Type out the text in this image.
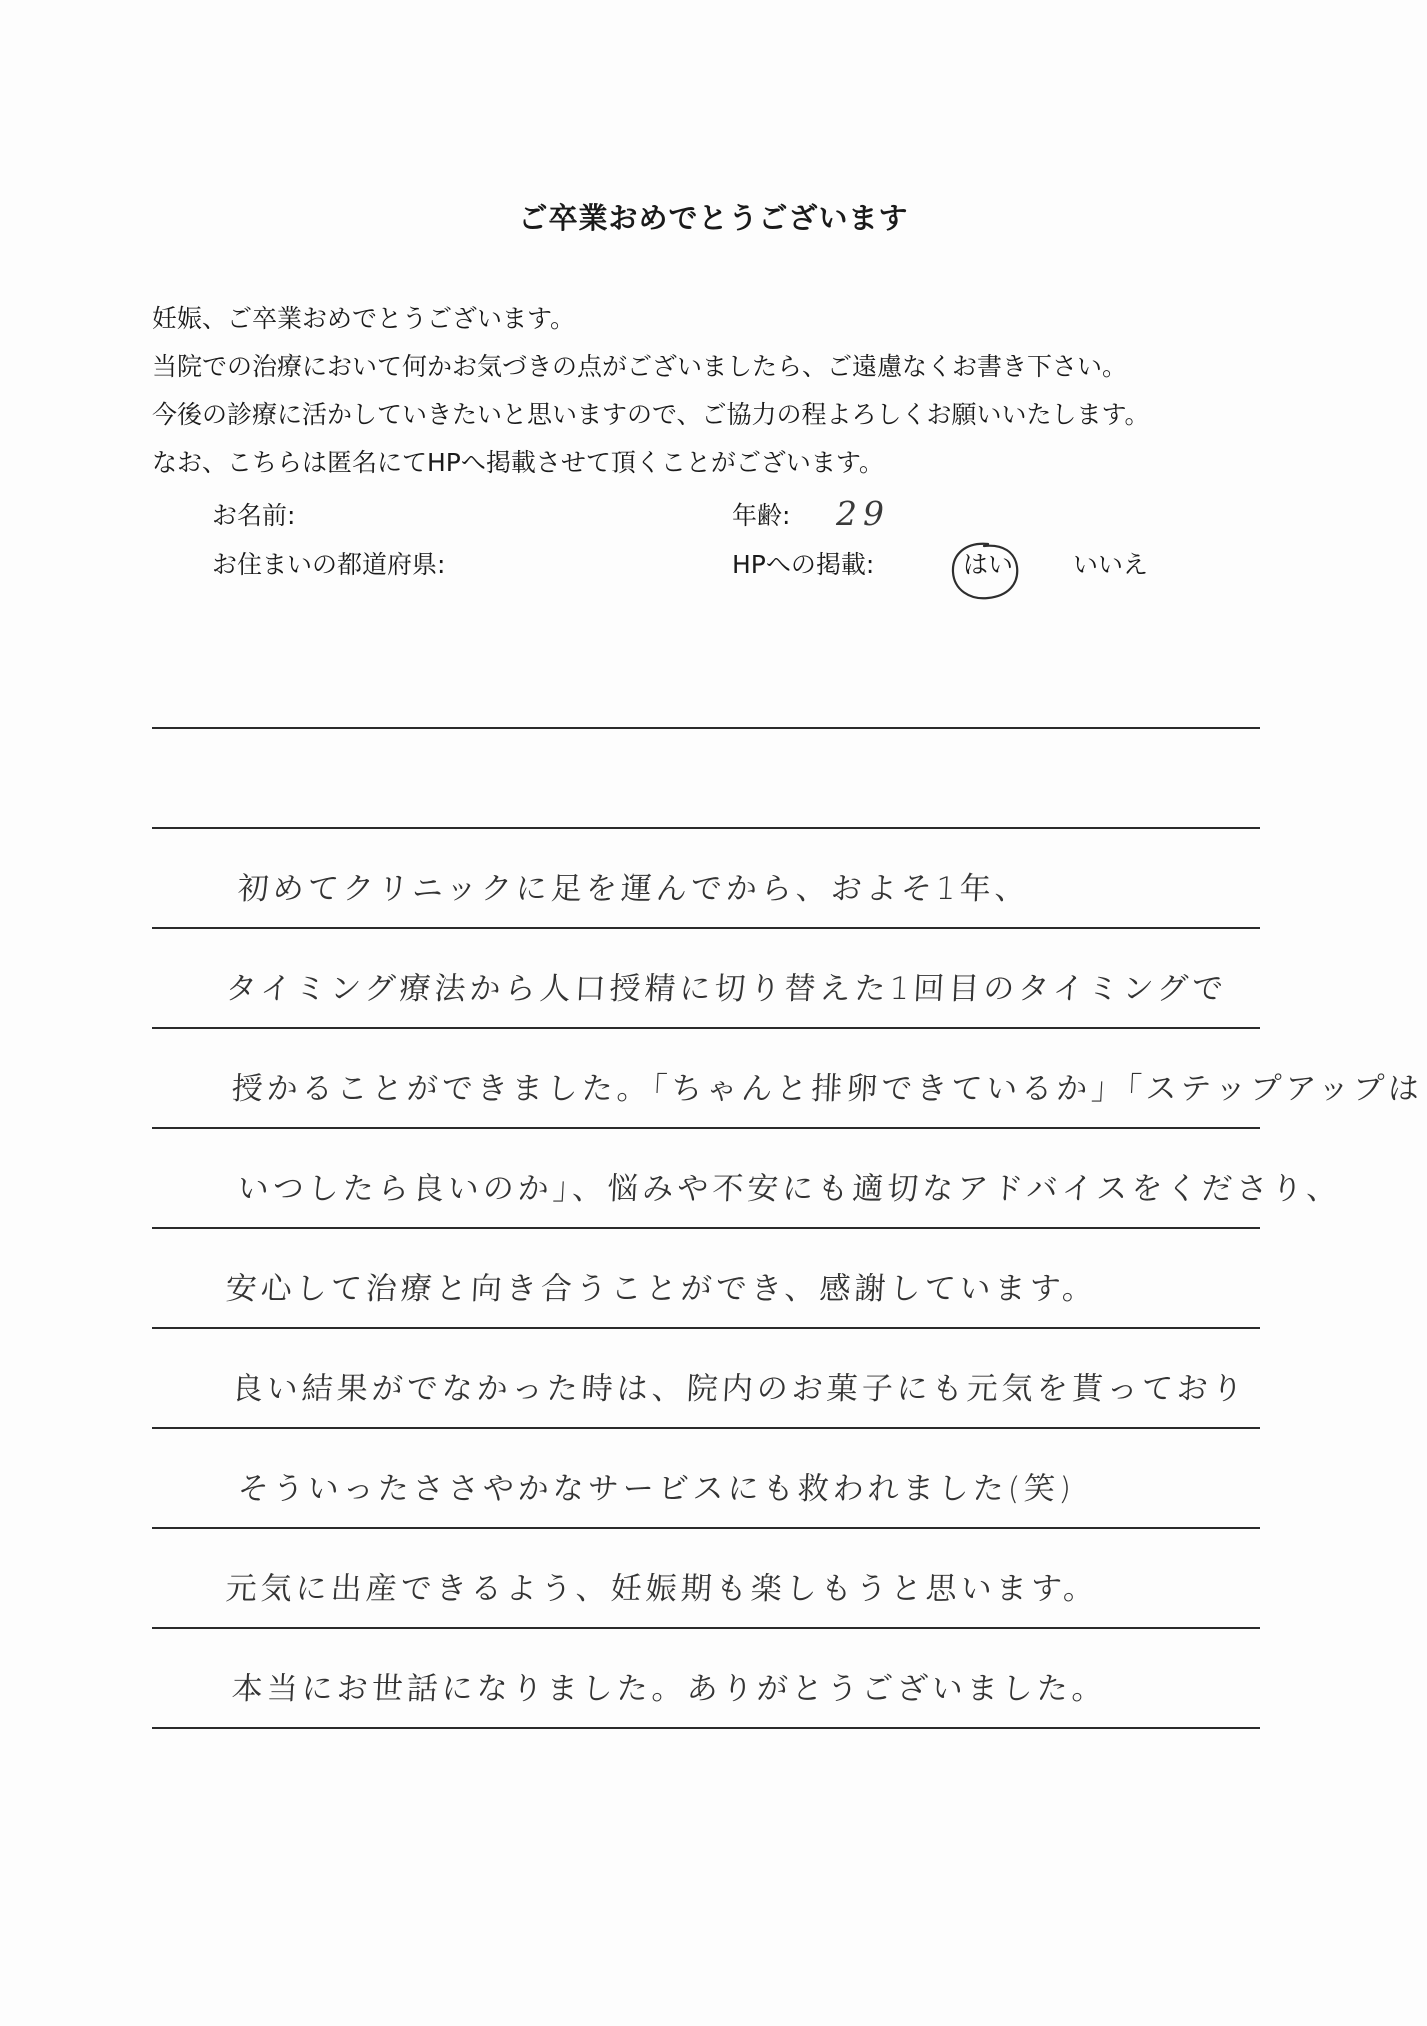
ご卒業おめでとうございます
妊娠、ご卒業おめでとうございます。
当院での治療において何かお気づきの点がございましたら、ご遠慮なくお書き下さい。
今後の診療に活かしていきたいと思いますので、ご協力の程よろしくお願いいたします。
なお、こちらは匿名にてHPへ掲載させて頂くことがございます。
お名前:
お住まいの都道府県:
年齢: 29
HPへの掲載:	はい いいえ
初めてクリニックに足を運んでから、およそ1年、
タイミング療法から人口授精に切り替えた1回目のタイミングで
授かることができました。「ちゃんと排卵できているか」「ステップアップは
いつしたら良いのか」、悩みや不安にも適切なアドバイスをくださり、
安心して治療と向き合うことができ、感謝しています。
良い結果がでなかった時は、院内のお菓子にも元気を貰っており
そういったささやかなサービスにも救われました(笑)
元気に出産できるよう、妊娠期も楽しもうと思います。
本当にお世話になりました。ありがとうございました。
